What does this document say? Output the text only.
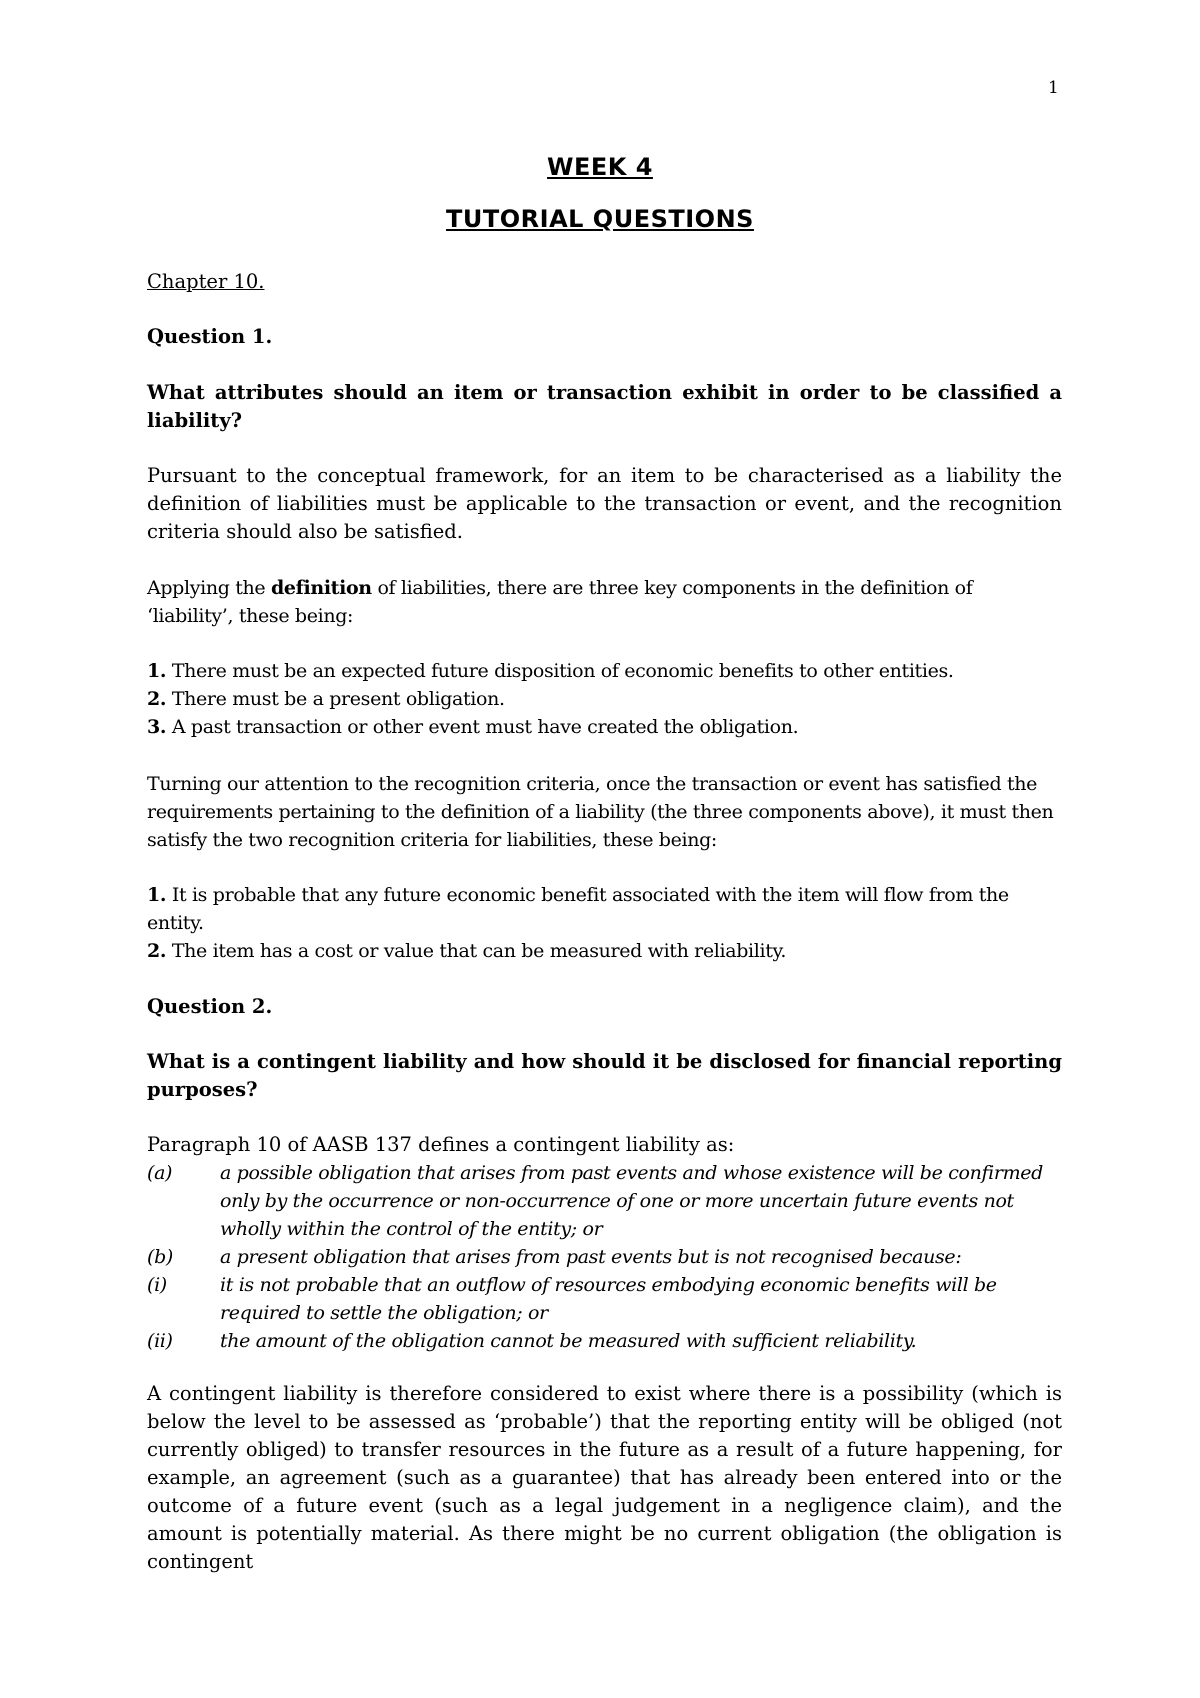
1
WEEK 4
TUTORIAL QUESTIONS
Chapter 10.
Question 1.
What attributes should an item or transaction exhibit in order to be classified a liability?
Pursuant to the conceptual framework, for an item to be characterised as a liability the definition of liabilities must be applicable to the transaction or event, and the recognition criteria should also be satisfied.
Applying the definition of liabilities, there are three key components in the definition of ‘liability’, these being:
1. There must be an expected future disposition of economic benefits to other entities.
2. There must be a present obligation.
3. A past transaction or other event must have created the obligation.
Turning our attention to the recognition criteria, once the transaction or event has satisfied the requirements pertaining to the definition of a liability (the three components above), it must then satisfy the two recognition criteria for liabilities, these being:
1. It is probable that any future economic benefit associated with the item will flow from the entity.
2. The item has a cost or value that can be measured with reliability.
Question 2.
What is a contingent liability and how should it be disclosed for financial reporting purposes?
Paragraph 10 of AASB 137 defines a contingent liability as:
(a)	a possible obligation that arises from past events and whose existence will be confirmed only by the occurrence or non-occurrence of one or more uncertain future events not wholly within the control of the entity; or
(b)	a present obligation that arises from past events but is not recognised because:
(i)	it is not probable that an outflow of resources embodying economic benefits will be required to settle the obligation; or
(ii)	the amount of the obligation cannot be measured with sufficient reliability.
A contingent liability is therefore considered to exist where there is a possibility (which is below the level to be assessed as ‘probable’) that the reporting entity will be obliged (not currently obliged) to transfer resources in the future as a result of a future happening, for example, an agreement (such as a guarantee) that has already been entered into or the outcome of a future event (such as a legal judgement in a negligence claim), and the amount is potentially material. As there might be no current obligation (the obligation is contingent
